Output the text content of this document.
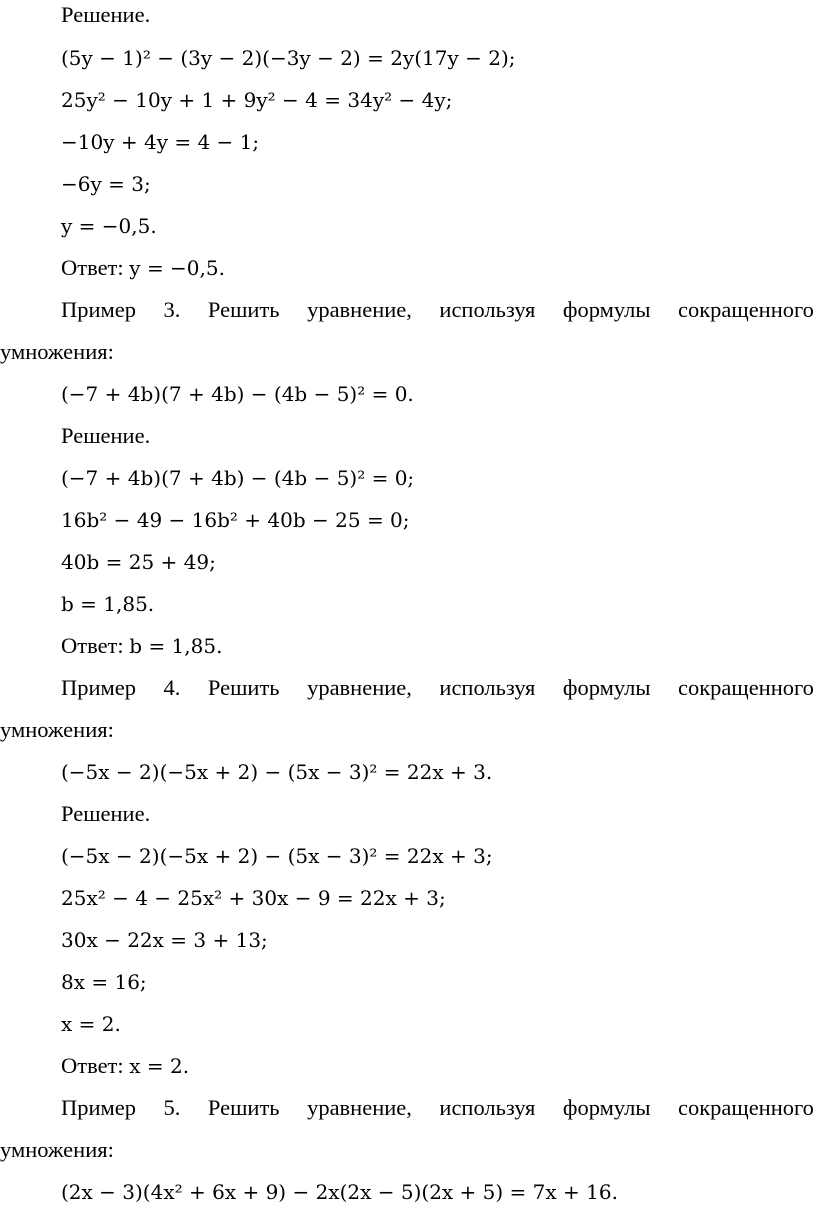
Решение.
(5y − 1)² − (3y − 2)(−3y − 2) = 2y(17y − 2);
25y² − 10y + 1 + 9y² − 4 = 34y² − 4y;
−10y + 4y = 4 − 1;
−6y = 3;
y = −0,5.
Ответ: y = −0,5.
Пример 3. Решить уравнение, используя формулы сокращенного
умножения:
(−7 + 4b)(7 + 4b) − (4b − 5)² = 0.
Решение.
(−7 + 4b)(7 + 4b) − (4b − 5)² = 0;
16b² − 49 − 16b² + 40b − 25 = 0;
40b = 25 + 49;
b = 1,85.
Ответ: b = 1,85.
Пример 4. Решить уравнение, используя формулы сокращенного
умножения:
(−5x − 2)(−5x + 2) − (5x − 3)² = 22x + 3.
Решение.
(−5x − 2)(−5x + 2) − (5x − 3)² = 22x + 3;
25x² − 4 − 25x² + 30x − 9 = 22x + 3;
30x − 22x = 3 + 13;
8x = 16;
x = 2.
Ответ: x = 2.
Пример 5. Решить уравнение, используя формулы сокращенного
умножения:
(2x − 3)(4x² + 6x + 9) − 2x(2x − 5)(2x + 5) = 7x + 16.
